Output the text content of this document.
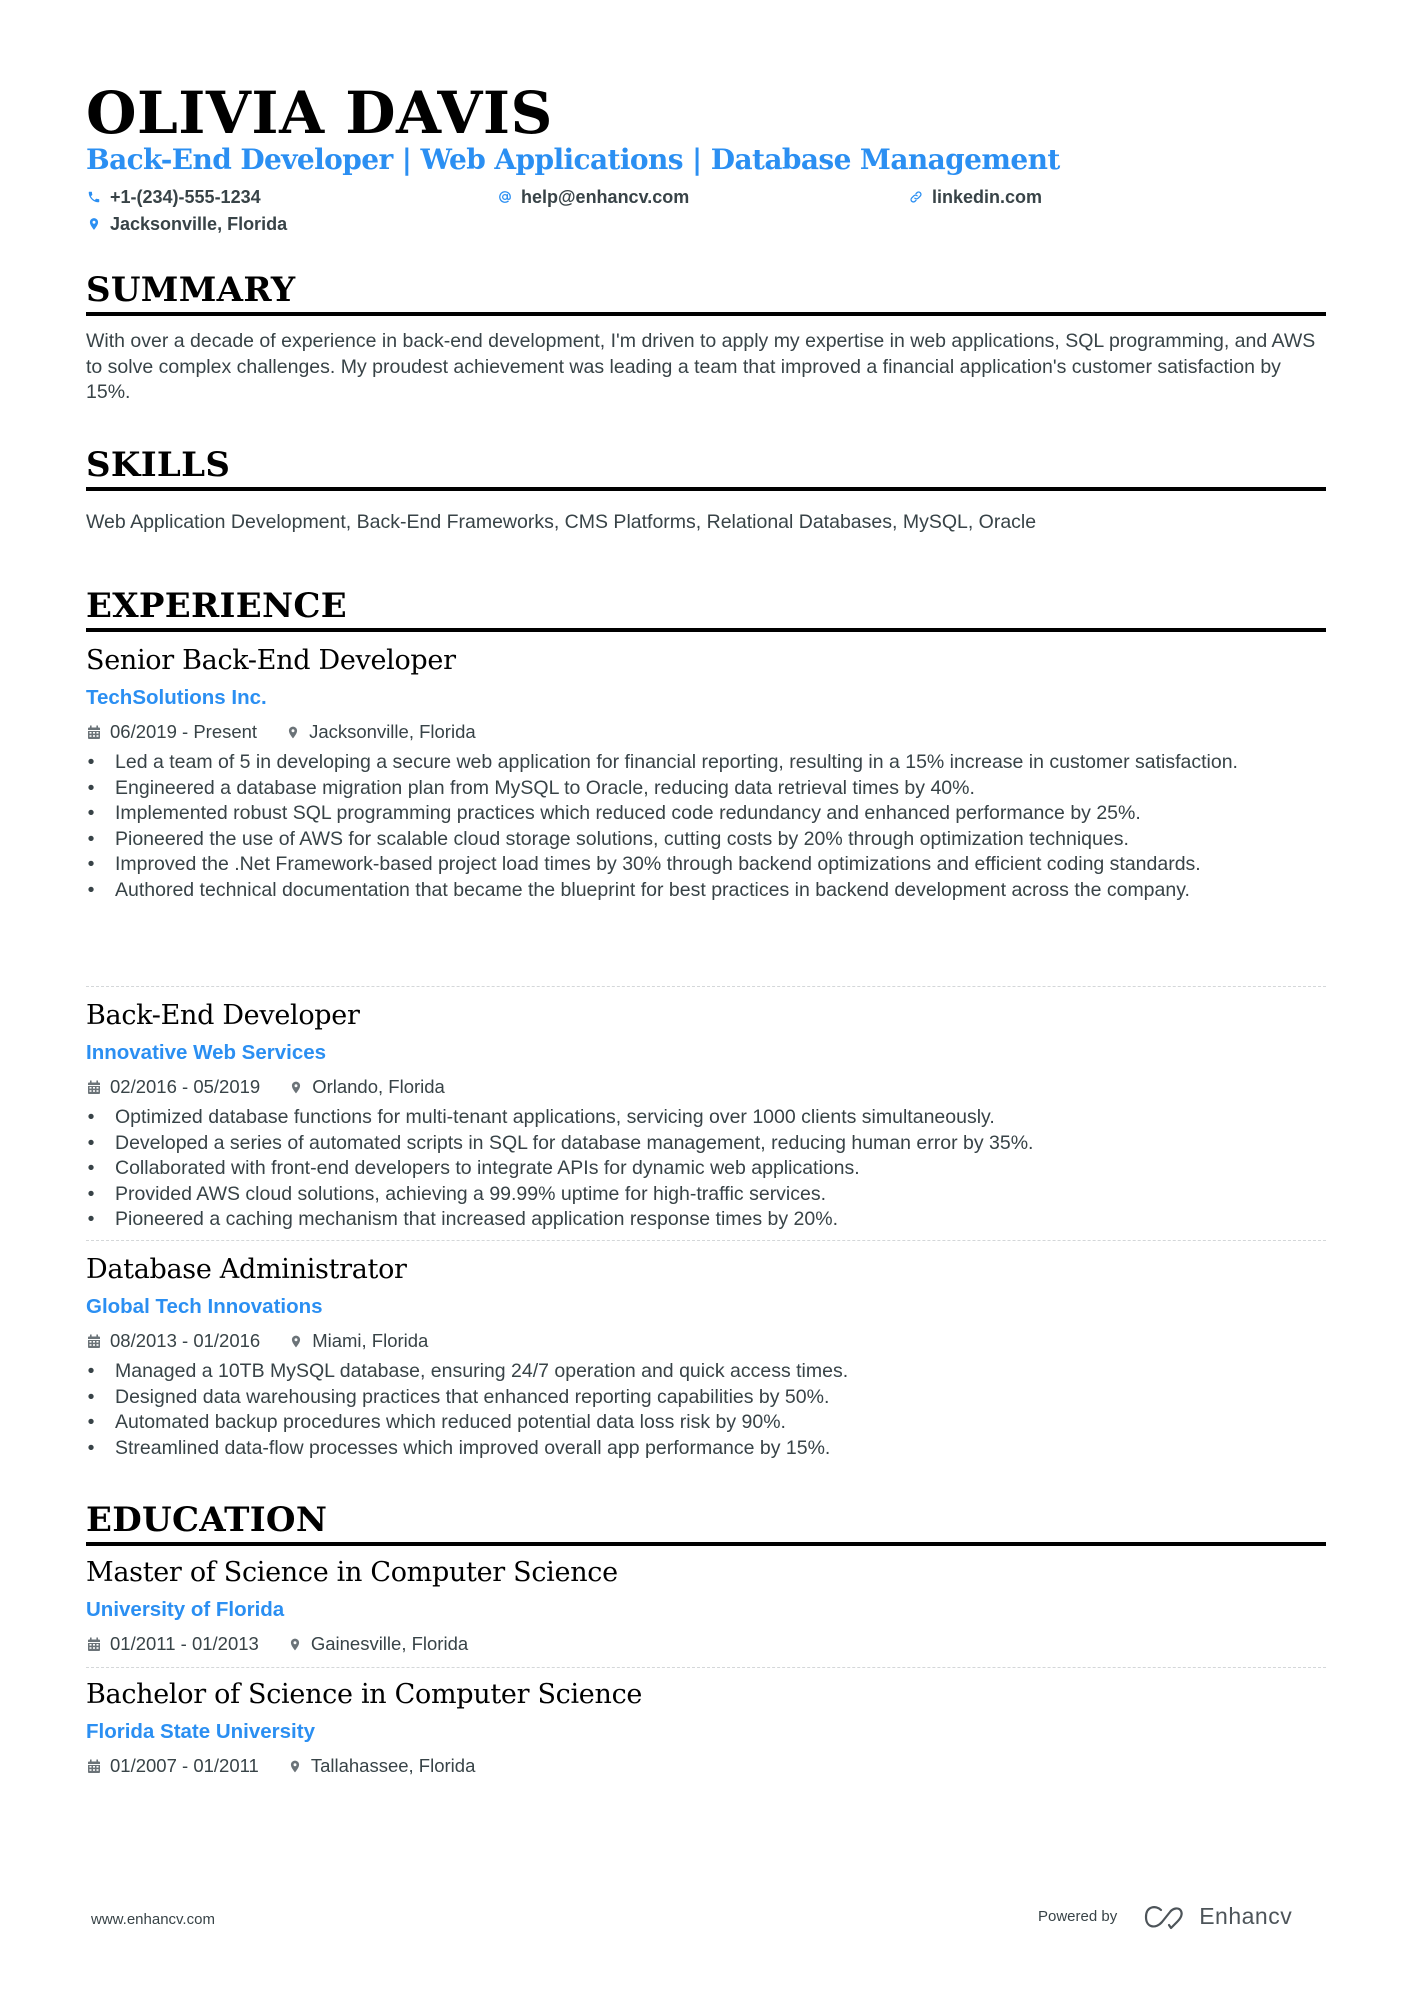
OLIVIA DAVIS
Back-End Developer | Web Applications | Database Management
+1-(234)-555-1234	help@enhancv.com	linkedin.com
Jacksonville, Florida
SUMMARY
With over a decade of experience in back-end development, I'm driven to apply my expertise in web applications, SQL programming, and AWS to solve complex challenges. My proudest achievement was leading a team that improved a financial application's customer satisfaction by 15%.
SKILLS
Web Application Development, Back-End Frameworks, CMS Platforms, Relational Databases, MySQL, Oracle
EXPERIENCE
Senior Back-End Developer
TechSolutions Inc.
06/2019 - Present	Jacksonville, Florida
• Led a team of 5 in developing a secure web application for financial reporting, resulting in a 15% increase in customer satisfaction.
• Engineered a database migration plan from MySQL to Oracle, reducing data retrieval times by 40%.
• Implemented robust SQL programming practices which reduced code redundancy and enhanced performance by 25%.
• Pioneered the use of AWS for scalable cloud storage solutions, cutting costs by 20% through optimization techniques.
• Improved the .Net Framework-based project load times by 30% through backend optimizations and efficient coding standards.
• Authored technical documentation that became the blueprint for best practices in backend development across the company.
Back-End Developer
Innovative Web Services
02/2016 - 05/2019	Orlando, Florida
• Optimized database functions for multi-tenant applications, servicing over 1000 clients simultaneously.
• Developed a series of automated scripts in SQL for database management, reducing human error by 35%.
• Collaborated with front-end developers to integrate APIs for dynamic web applications.
• Provided AWS cloud solutions, achieving a 99.99% uptime for high-traffic services.
• Pioneered a caching mechanism that increased application response times by 20%.
Database Administrator
Global Tech Innovations
08/2013 - 01/2016	Miami, Florida
• Managed a 10TB MySQL database, ensuring 24/7 operation and quick access times.
• Designed data warehousing practices that enhanced reporting capabilities by 50%.
• Automated backup procedures which reduced potential data loss risk by 90%.
• Streamlined data-flow processes which improved overall app performance by 15%.
EDUCATION
Master of Science in Computer Science
University of Florida
01/2011 - 01/2013	Gainesville, Florida
Bachelor of Science in Computer Science
Florida State University
01/2007 - 01/2011	Tallahassee, Florida
www.enhancv.com	Powered by	Enhancv
